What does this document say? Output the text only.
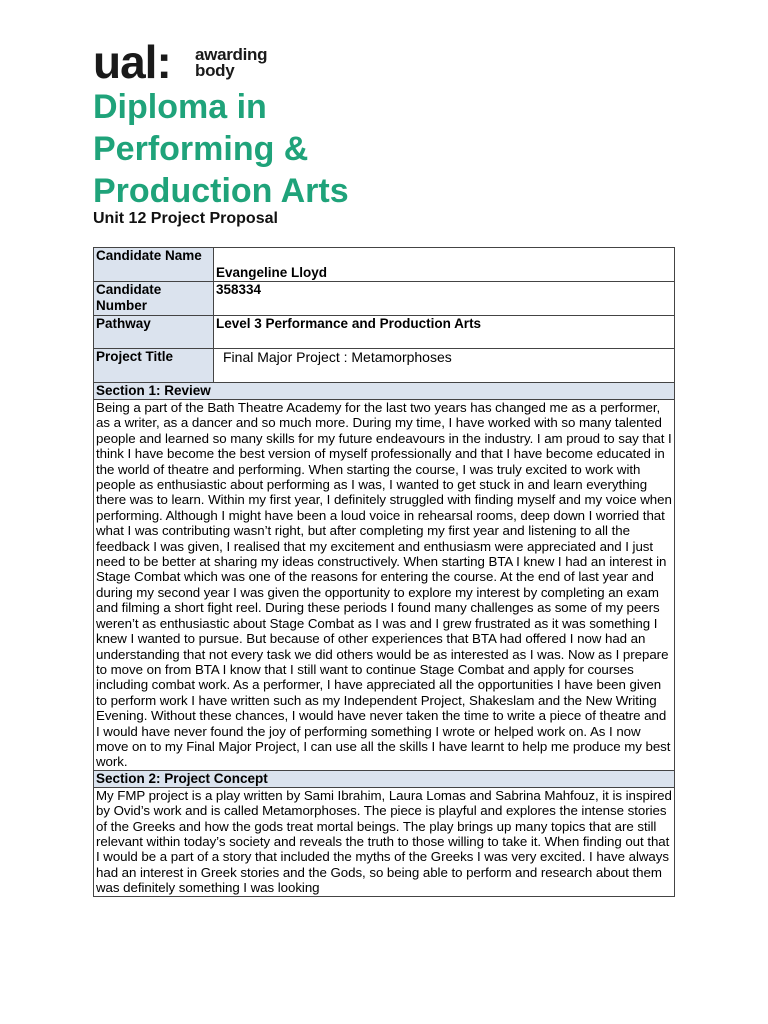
ual: awarding
body
Diploma in
Performing &
Production Arts
Unit 12 Project Proposal
Candidate Name	Evangeline Lloyd

Candidate Number	358334
Pathway	Level 3 Performance and Production Arts
Project Title	Final Major Project : Metamorphoses
Section 1: Review	
Being a part of the Bath Theatre Academy for the last two years has changed me as a performer, as a writer, as a dancer and so much more. During my time, I have worked with so many talented people and learned so many skills for my future endeavours in the industry. I am proud to say that I think I have become the best version of myself professionally and that I have become educated in the world of theatre and performing. When starting the course, I was truly excited to work with people as enthusiastic about performing as I was, I wanted to get stuck in and learn everything there was to learn. Within my first year, I definitely struggled with finding myself and my voice when performing. Although I might have been a loud voice in rehearsal rooms, deep down I worried that what I was contributing wasn’t right, but after completing my first year and listening to all the feedback I was given, I realised that my excitement and enthusiasm were appreciated and I just need to be better at sharing my ideas constructively. When starting BTA I knew I had an interest in Stage Combat which was one of the reasons for entering the course. At the end of last year and during my second year I was given the opportunity to explore my interest by completing an exam and filming a short fight reel. During these periods I found many challenges as some of my peers weren’t as enthusiastic about Stage Combat as I was and I grew frustrated as it was something I knew I wanted to pursue. But because of other experiences that BTA had offered I now had an understanding that not every task we did others would be as interested as I was. Now as I prepare to move on from BTA I know that I still want to continue Stage Combat and apply for courses including combat work. As a performer, I have appreciated all the opportunities I have been given to perform work I have written such as my Independent Project, Shakeslam and the New Writing Evening. Without these chances, I would have never taken the time to write a piece of theatre and I would have never found the joy of performing something I wrote or helped work on. As I now move on to my Final Major Project, I can use all the skills I have learnt to help me produce my best work.	
Section 2: Project Concept	
My FMP project is a play written by Sami Ibrahim, Laura Lomas and Sabrina Mahfouz, it is inspired by Ovid’s work and is called Metamorphoses. The piece is playful and explores the intense stories of the Greeks and how the gods treat mortal beings. The play brings up many topics that are still relevant within today’s society and reveals the truth to those willing to take it. When finding out that I would be a part of a story that included the myths of the Greeks I was very excited. I have always had an interest in Greek stories and the Gods, so being able to perform and research about them was definitely something I was looking	
